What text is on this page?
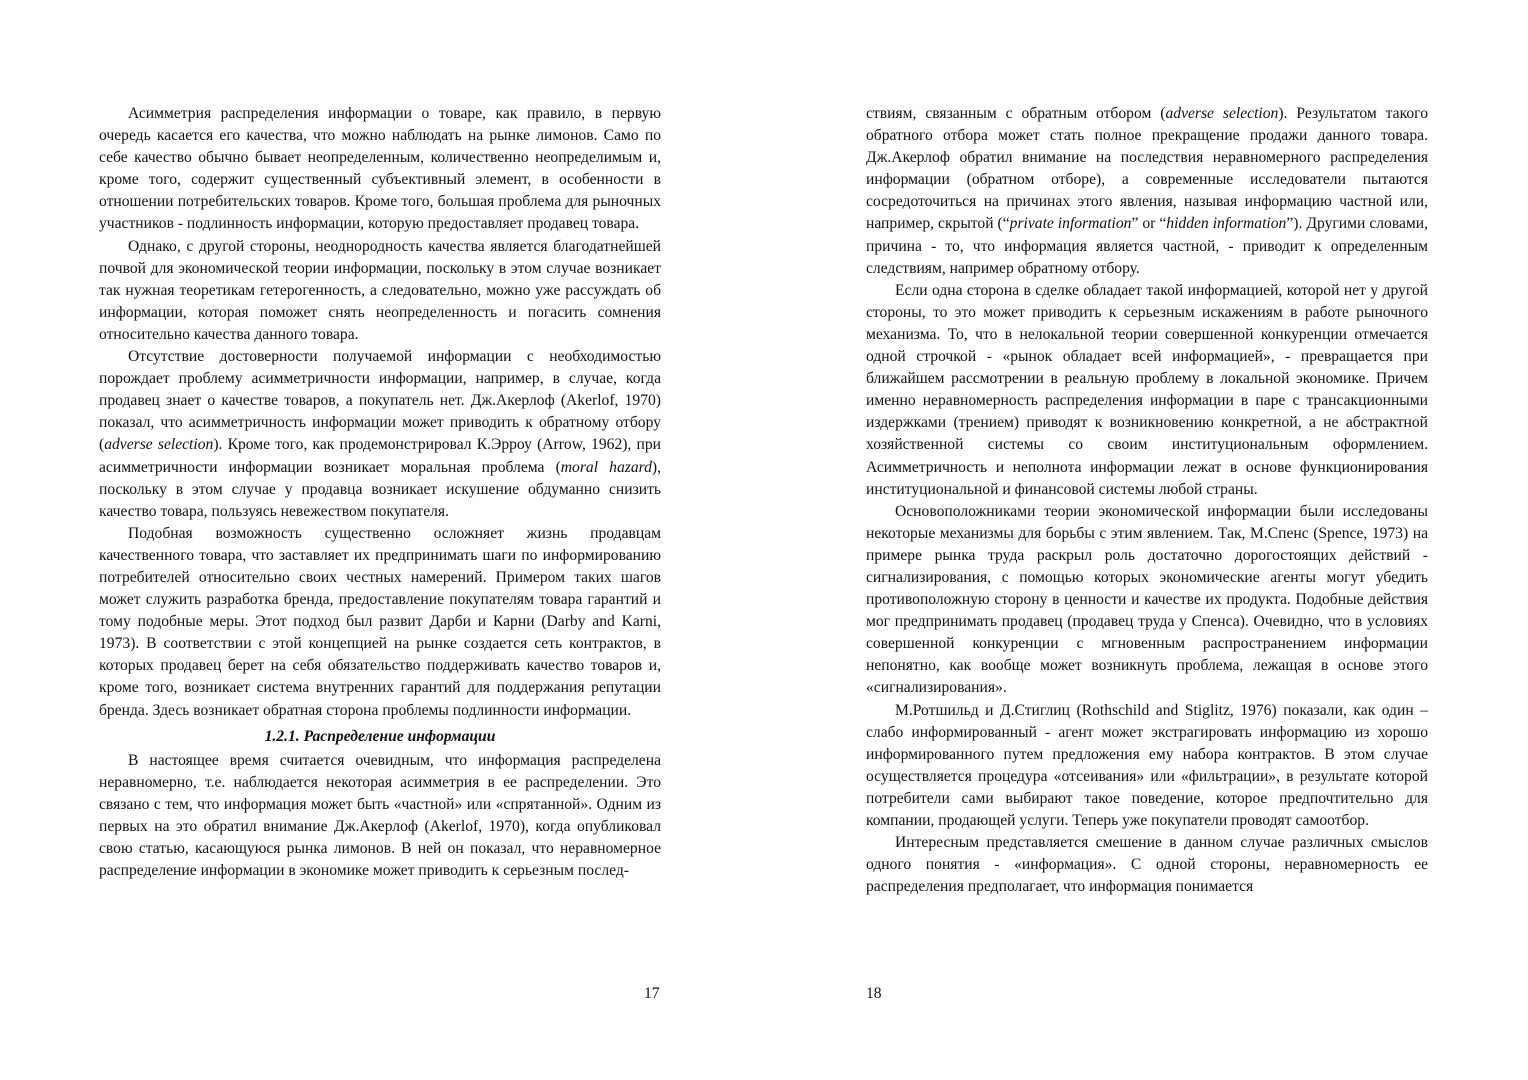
Асимметрия распределения информации о товаре, как правило, в первую очередь касается его качества, что можно наблюдать на рынке лимонов. Само по себе качество обычно бывает неопределенным, количественно неопределимым и, кроме того, содержит существенный субъективный элемент, в особенности в отношении потребительских товаров. Кроме того, большая проблема для рыночных участников - подлинность информации, которую предоставляет продавец товара.

Однако, с другой стороны, неоднородность качества является благодатнейшей почвой для экономической теории информации, поскольку в этом случае возникает так нужная теоретикам гетерогенность, а следовательно, можно уже рассуждать об информации, которая поможет снять неопределенность и погасить сомнения относительно качества данного товара.

Отсутствие достоверности получаемой информации с необходимостью порождает проблему асимметричности информации, например, в случае, когда продавец знает о качестве товаров, а покупатель нет. Дж.Акерлоф (Akerlof, 1970) показал, что асимметричность информации может приводить к обратному отбору (adverse selection). Кроме того, как продемонстрировал К.Эрроу (Arrow, 1962), при асимметричности информации возникает моральная проблема (moral hazard), поскольку в этом случае у продавца возникает искушение обдуманно снизить качество товара, пользуясь невежеством покупателя.

Подобная возможность существенно осложняет жизнь продавцам качественного товара, что заставляет их предпринимать шаги по информированию потребителей относительно своих честных намерений. Примером таких шагов может служить разработка бренда, предоставление покупателям товара гарантий и тому подобные меры. Этот подход был развит Дарби и Карни (Darby and Karni, 1973). В соответствии с этой концепцией на рынке создается сеть контрактов, в которых продавец берет на себя обязательство поддерживать качество товаров и, кроме того, возникает система внутренних гарантий для поддержания репутации бренда. Здесь возникает обратная сторона проблемы подлинности информации.

1.2.1. Распределение информации

В настоящее время считается очевидным, что информация распределена неравномерно, т.е. наблюдается некоторая асимметрия в ее распределении. Это связано с тем, что информация может быть «частной» или «спрятанной». Одним из первых на это обратил внимание Дж.Акерлоф (Akerlof, 1970), когда опубликовал свою статью, касающуюся рынка лимонов. В ней он показал, что неравномерное распределение информации в экономике может приводить к серьезным послед-

17

ствиям, связанным с обратным отбором (adverse selection). Результатом такого обратного отбора может стать полное прекращение продажи данного товара. Дж.Акерлоф обратил внимание на последствия неравномерного распределения информации (обратном отборе), а современные исследователи пытаются сосредоточиться на причинах этого явления, называя информацию частной или, например, скрытой (“private information” or “hidden information”). Другими словами, причина - то, что информация является частной, - приводит к определенным следствиям, например обратному отбору.

Если одна сторона в сделке обладает такой информацией, которой нет у другой стороны, то это может приводить к серьезным искажениям в работе рыночного механизма. То, что в нелокальной теории совершенной конкуренции отмечается одной строчкой - «рынок обладает всей информацией», - превращается при ближайшем рассмотрении в реальную проблему в локальной экономике. Причем именно неравномерность распределения информации в паре с трансакционными издержками (трением) приводят к возникновению конкретной, а не абстрактной хозяйственной системы со своим институциональным оформлением. Асимметричность и неполнота информации лежат в основе функционирования институциональной и финансовой системы любой страны.

Основоположниками теории экономической информации были исследованы некоторые механизмы для борьбы с этим явлением. Так, М.Спенс (Spence, 1973) на примере рынка труда раскрыл роль достаточно дорогостоящих действий - сигнализирования, с помощью которых экономические агенты могут убедить противоположную сторону в ценности и качестве их продукта. Подобные действия мог предпринимать продавец (продавец труда у Спенса). Очевидно, что в условиях совершенной конкуренции с мгновенным распространением информации непонятно, как вообще может возникнуть проблема, лежащая в основе этого «сигнализирования».

М.Ротшильд и Д.Стиглиц (Rothschild and Stiglitz, 1976) показали, как один – слабо информированный - агент может экстрагировать информацию из хорошо информированного путем предложения ему набора контрактов. В этом случае осуществляется процедура «отсеивания» или «фильтрации», в результате которой потребители сами выбирают такое поведение, которое предпочтительно для компании, продающей услуги. Теперь уже покупатели проводят самоотбор.

Интересным представляется смешение в данном случае различных смыслов одного понятия - «информация». С одной стороны, неравномерность ее распределения предполагает, что информация понимается

18
